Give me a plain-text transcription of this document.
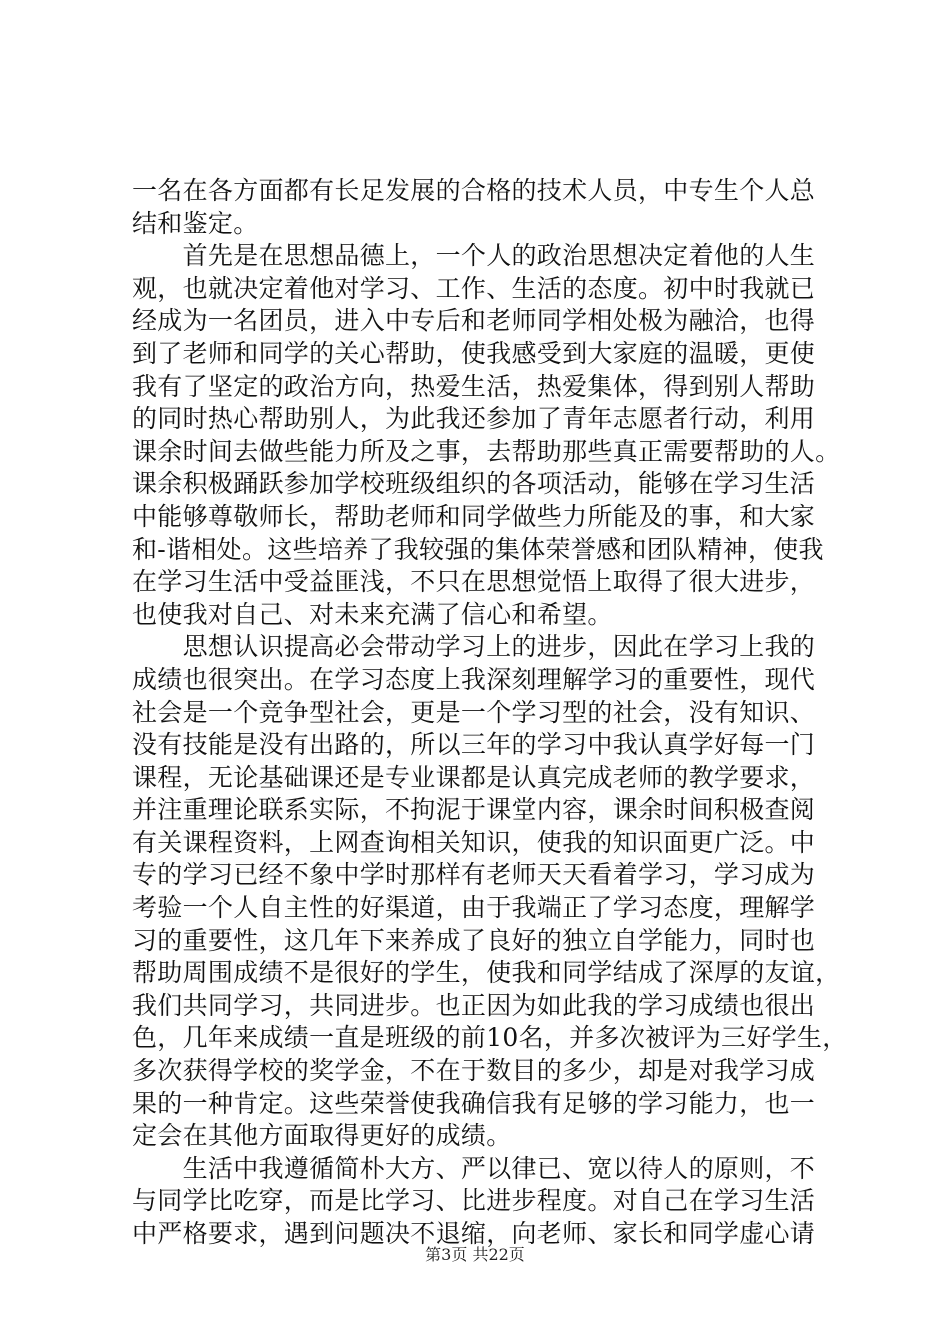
一名在各方面都有长足发展的合格的技术人员，中专生个人总
结和鉴定。
　　首先是在思想品德上，一个人的政治思想决定着他的人生
观，也就决定着他对学习、工作、生活的态度。初中时我就已
经成为一名团员，进入中专后和老师同学相处极为融洽，也得
到了老师和同学的关心帮助，使我感受到大家庭的温暖，更使
我有了坚定的政治方向，热爱生活，热爱集体，得到别人帮助
的同时热心帮助别人，为此我还参加了青年志愿者行动，利用
课余时间去做些能力所及之事，去帮助那些真正需要帮助的人。
课余积极踊跃参加学校班级组织的各项活动，能够在学习生活
中能够尊敬师长，帮助老师和同学做些力所能及的事，和大家
和-谐相处。这些培养了我较强的集体荣誉感和团队精神，使我
在学习生活中受益匪浅，不只在思想觉悟上取得了很大进步，
也使我对自己、对未来充满了信心和希望。
　　思想认识提高必会带动学习上的进步，因此在学习上我的
成绩也很突出。在学习态度上我深刻理解学习的重要性，现代
社会是一个竞争型社会，更是一个学习型的社会，没有知识、
没有技能是没有出路的，所以三年的学习中我认真学好每一门
课程，无论基础课还是专业课都是认真完成老师的教学要求，
并注重理论联系实际，不拘泥于课堂内容，课余时间积极查阅
有关课程资料，上网查询相关知识，使我的知识面更广泛。中
专的学习已经不象中学时那样有老师天天看着学习，学习成为
考验一个人自主性的好渠道，由于我端正了学习态度，理解学
习的重要性，这几年下来养成了良好的独立自学能力，同时也
帮助周围成绩不是很好的学生，使我和同学结成了深厚的友谊，
我们共同学习，共同进步。也正因为如此我的学习成绩也很出
色，几年来成绩一直是班级的前10名，并多次被评为三好学生，
多次获得学校的奖学金，不在于数目的多少，却是对我学习成
果的一种肯定。这些荣誉使我确信我有足够的学习能力，也一
定会在其他方面取得更好的成绩。
　　生活中我遵循简朴大方、严以律已、宽以待人的原则，不
与同学比吃穿，而是比学习、比进步程度。对自己在学习生活
中严格要求，遇到问题决不退缩，向老师、家长和同学虚心请
第3页 共22页
